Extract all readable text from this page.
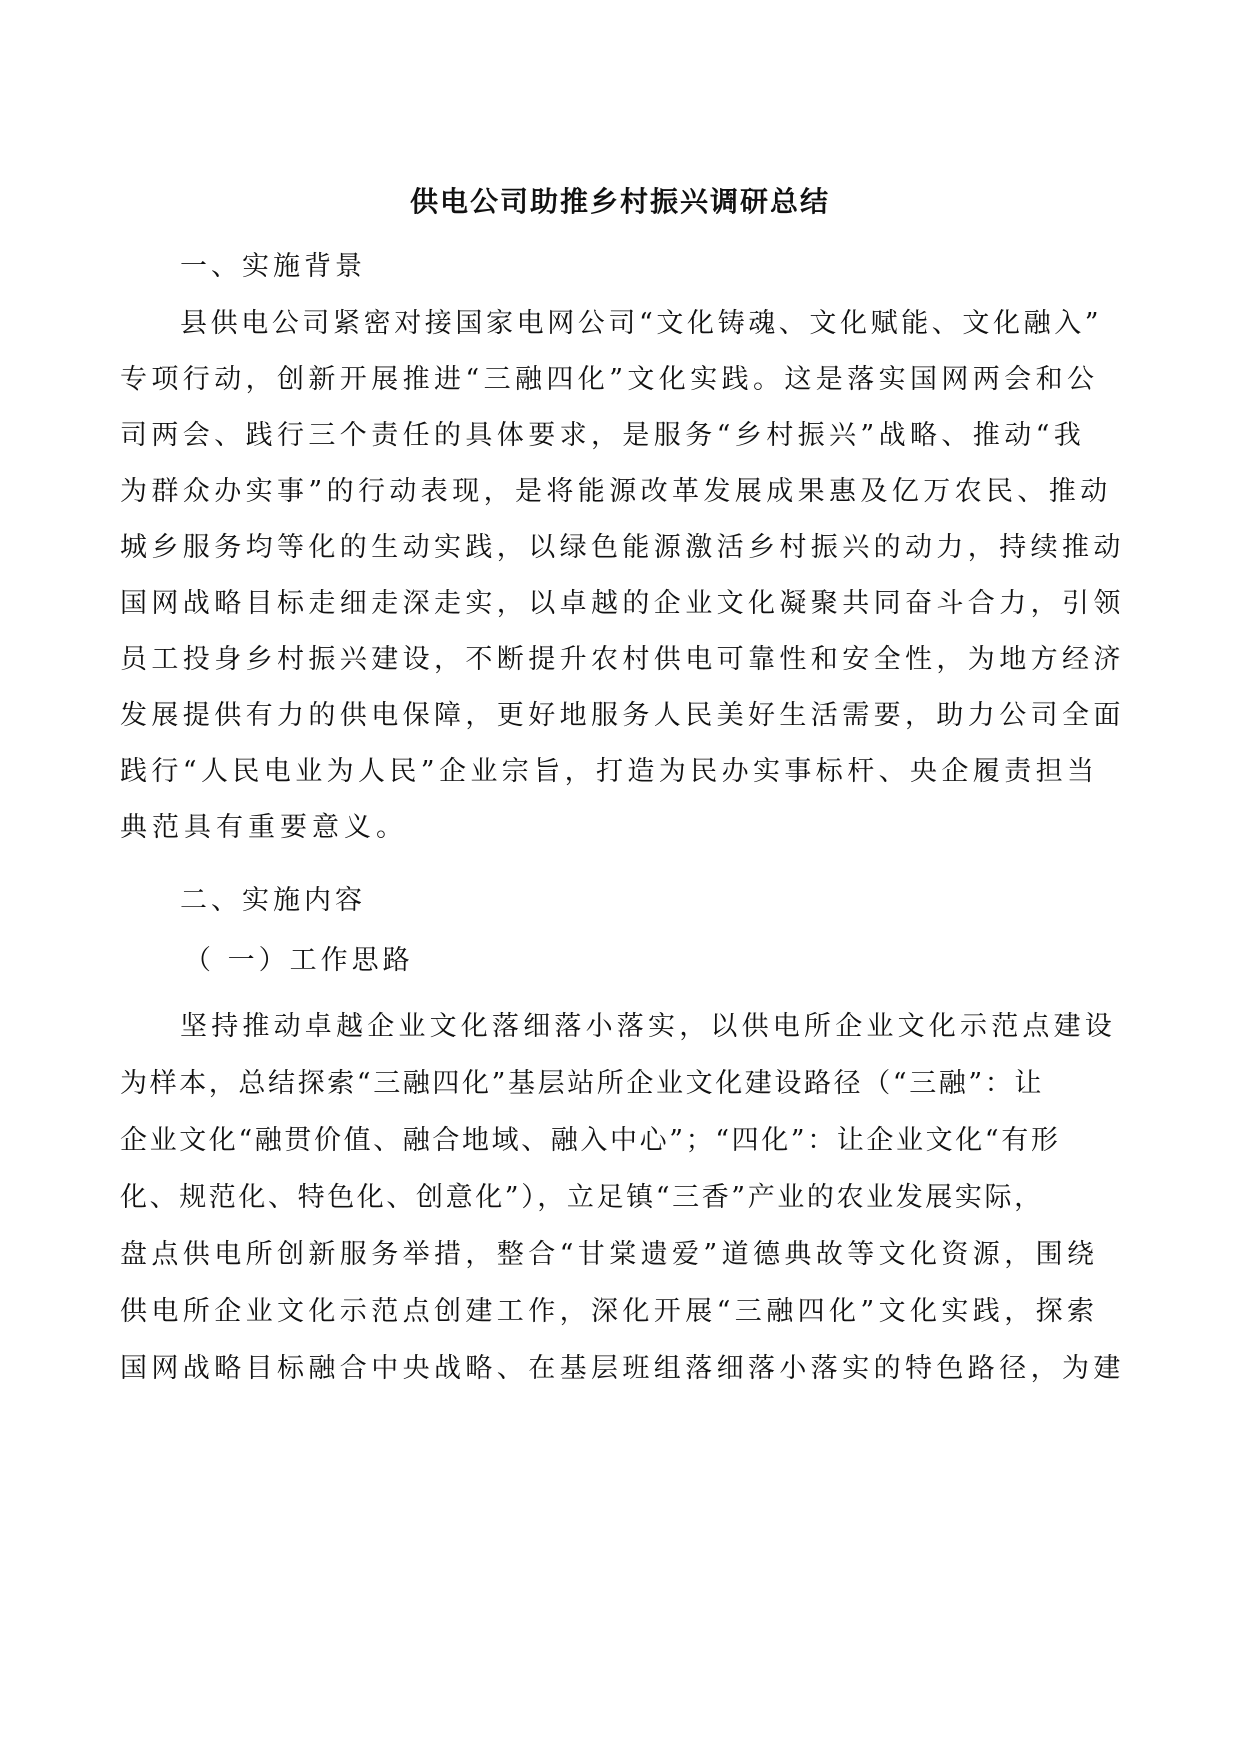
供电公司助推乡村振兴调研总结
一、实施背景

县供电公司紧密对接国家电网公司“文化铸魂、文化赋能、文化融入”

专项行动，创新开展推进“三融四化”文化实践。这是落实国网两会和公

司两会、践行三个责任的具体要求，是服务“乡村振兴”战略、推动“我

为群众办实事”的行动表现，是将能源改革发展成果惠及亿万农民、推动

城乡服务均等化的生动实践，以绿色能源激活乡村振兴的动力，持续推动

国网战略目标走细走深走实，以卓越的企业文化凝聚共同奋斗合力，引领

员工投身乡村振兴建设，不断提升农村供电可靠性和安全性，为地方经济

发展提供有力的供电保障，更好地服务人民美好生活需要，助力公司全面

践行“人民电业为人民”企业宗旨，打造为民办实事标杆、央企履责担当

典范具有重要意义。

二、实施内容
（ 一）工作思路

坚持推动卓越企业文化落细落小落实，以供电所企业文化示范点建设

为样本，总结探索“三融四化”基层站所企业文化建设路径（“三融”：让

企业文化“融贯价值、融合地域、融入中心”；“四化”：让企业文化“有形

化、规范化、特色化、创意化”），立足镇“三香”产业的农业发展实际，

盘点供电所创新服务举措，整合“甘棠遗爱”道德典故等文化资源，围绕

供电所企业文化示范点创建工作，深化开展“三融四化”文化实践，探索

国网战略目标融合中央战略、在基层班组落细落小落实的特色路径，为建
